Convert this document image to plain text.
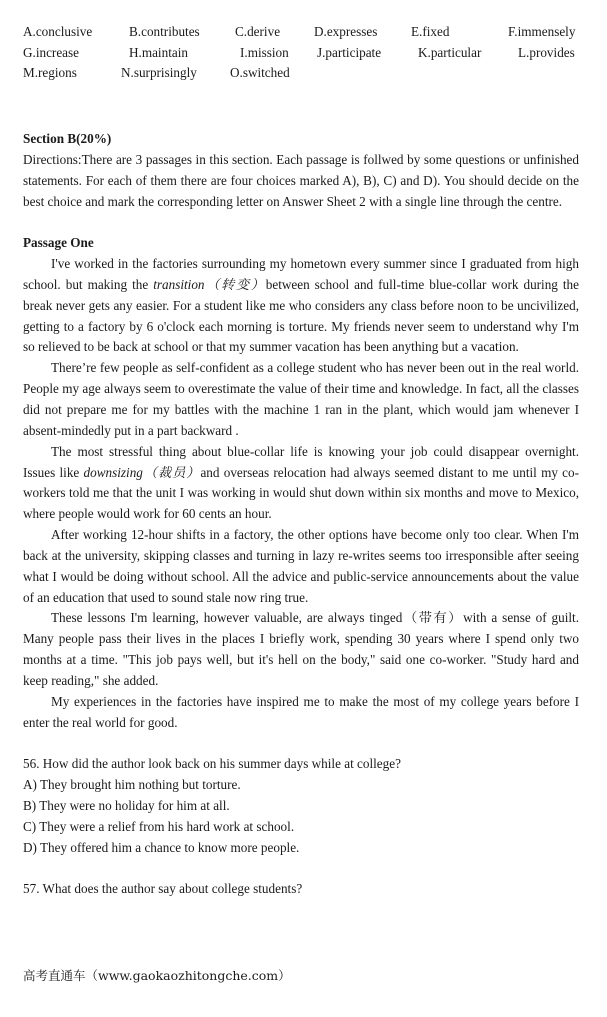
A.conclusive	B.contributes	C.derive	D.expresses	E.fixed	F.immensely
G.increase	H.maintain	I.mission J.participate	K.particular	L.provides
M.regions	N.surprisingly	O.switched

Section B(20%)

Directions:There are 3 passages in this section. Each passage is follwed by some questions or unfinished statements. For each of them there are four choices marked A), B), C) and D). You should decide on the best choice and mark the corresponding letter on Answer Sheet 2 with a single line through the centre.

Passage One

I've worked in the factories surrounding my hometown every summer since I graduated from high school. but making the transition（转变）between school and full-time blue-collar work during the break never gets any easier. For a student like me who considers any class before noon to be uncivilized, getting to a factory by 6 o'clock each morning is torture. My friends never seem to understand why I'm so relieved to be back at school or that my summer vacation has been anything but a vacation.

There’re few people as self-confident as a college student who has never been out in the real world. People my age always seem to overestimate the value of their time and knowledge. In fact, all the classes did not prepare me for my battles with the machine 1 ran in the plant, which would jam whenever I absent-mindedly put in a part backward .

The most stressful thing about blue-collar life is knowing your job could disappear overnight. Issues like downsizing（裁员）and overseas relocation had always seemed distant to me until my co-workers told me that the unit I was working in would shut down within six months and move to Mexico, where people would work for 60 cents an hour.

After working 12-hour shifts in a factory, the other options have become only too clear. When I'm back at the university, skipping classes and turning in lazy re-writes seems too irresponsible after seeing what I would be doing without school. All the advice and public-service announcements about the value of an education that used to sound stale now ring true.

These lessons I'm learning, however valuable, are always tinged（带有）with a sense of guilt. Many people pass their lives in the places I briefly work, spending 30 years where I spend only two months at a time. "This job pays well, but it's hell on the body," said one co-worker. "Study hard and keep reading," she added.

My experiences in the factories have inspired me to make the most of my college years before I enter the real world for good.

56. How did the author look back on his summer days while at college?

A) They brought him nothing but torture.

B) They were no holiday for him at all.

C) They were a relief from his hard work at school.

D) They offered him a chance to know more people.

57. What does the author say about college students?

高考直通车（www.gaokaozhitongche.com）
